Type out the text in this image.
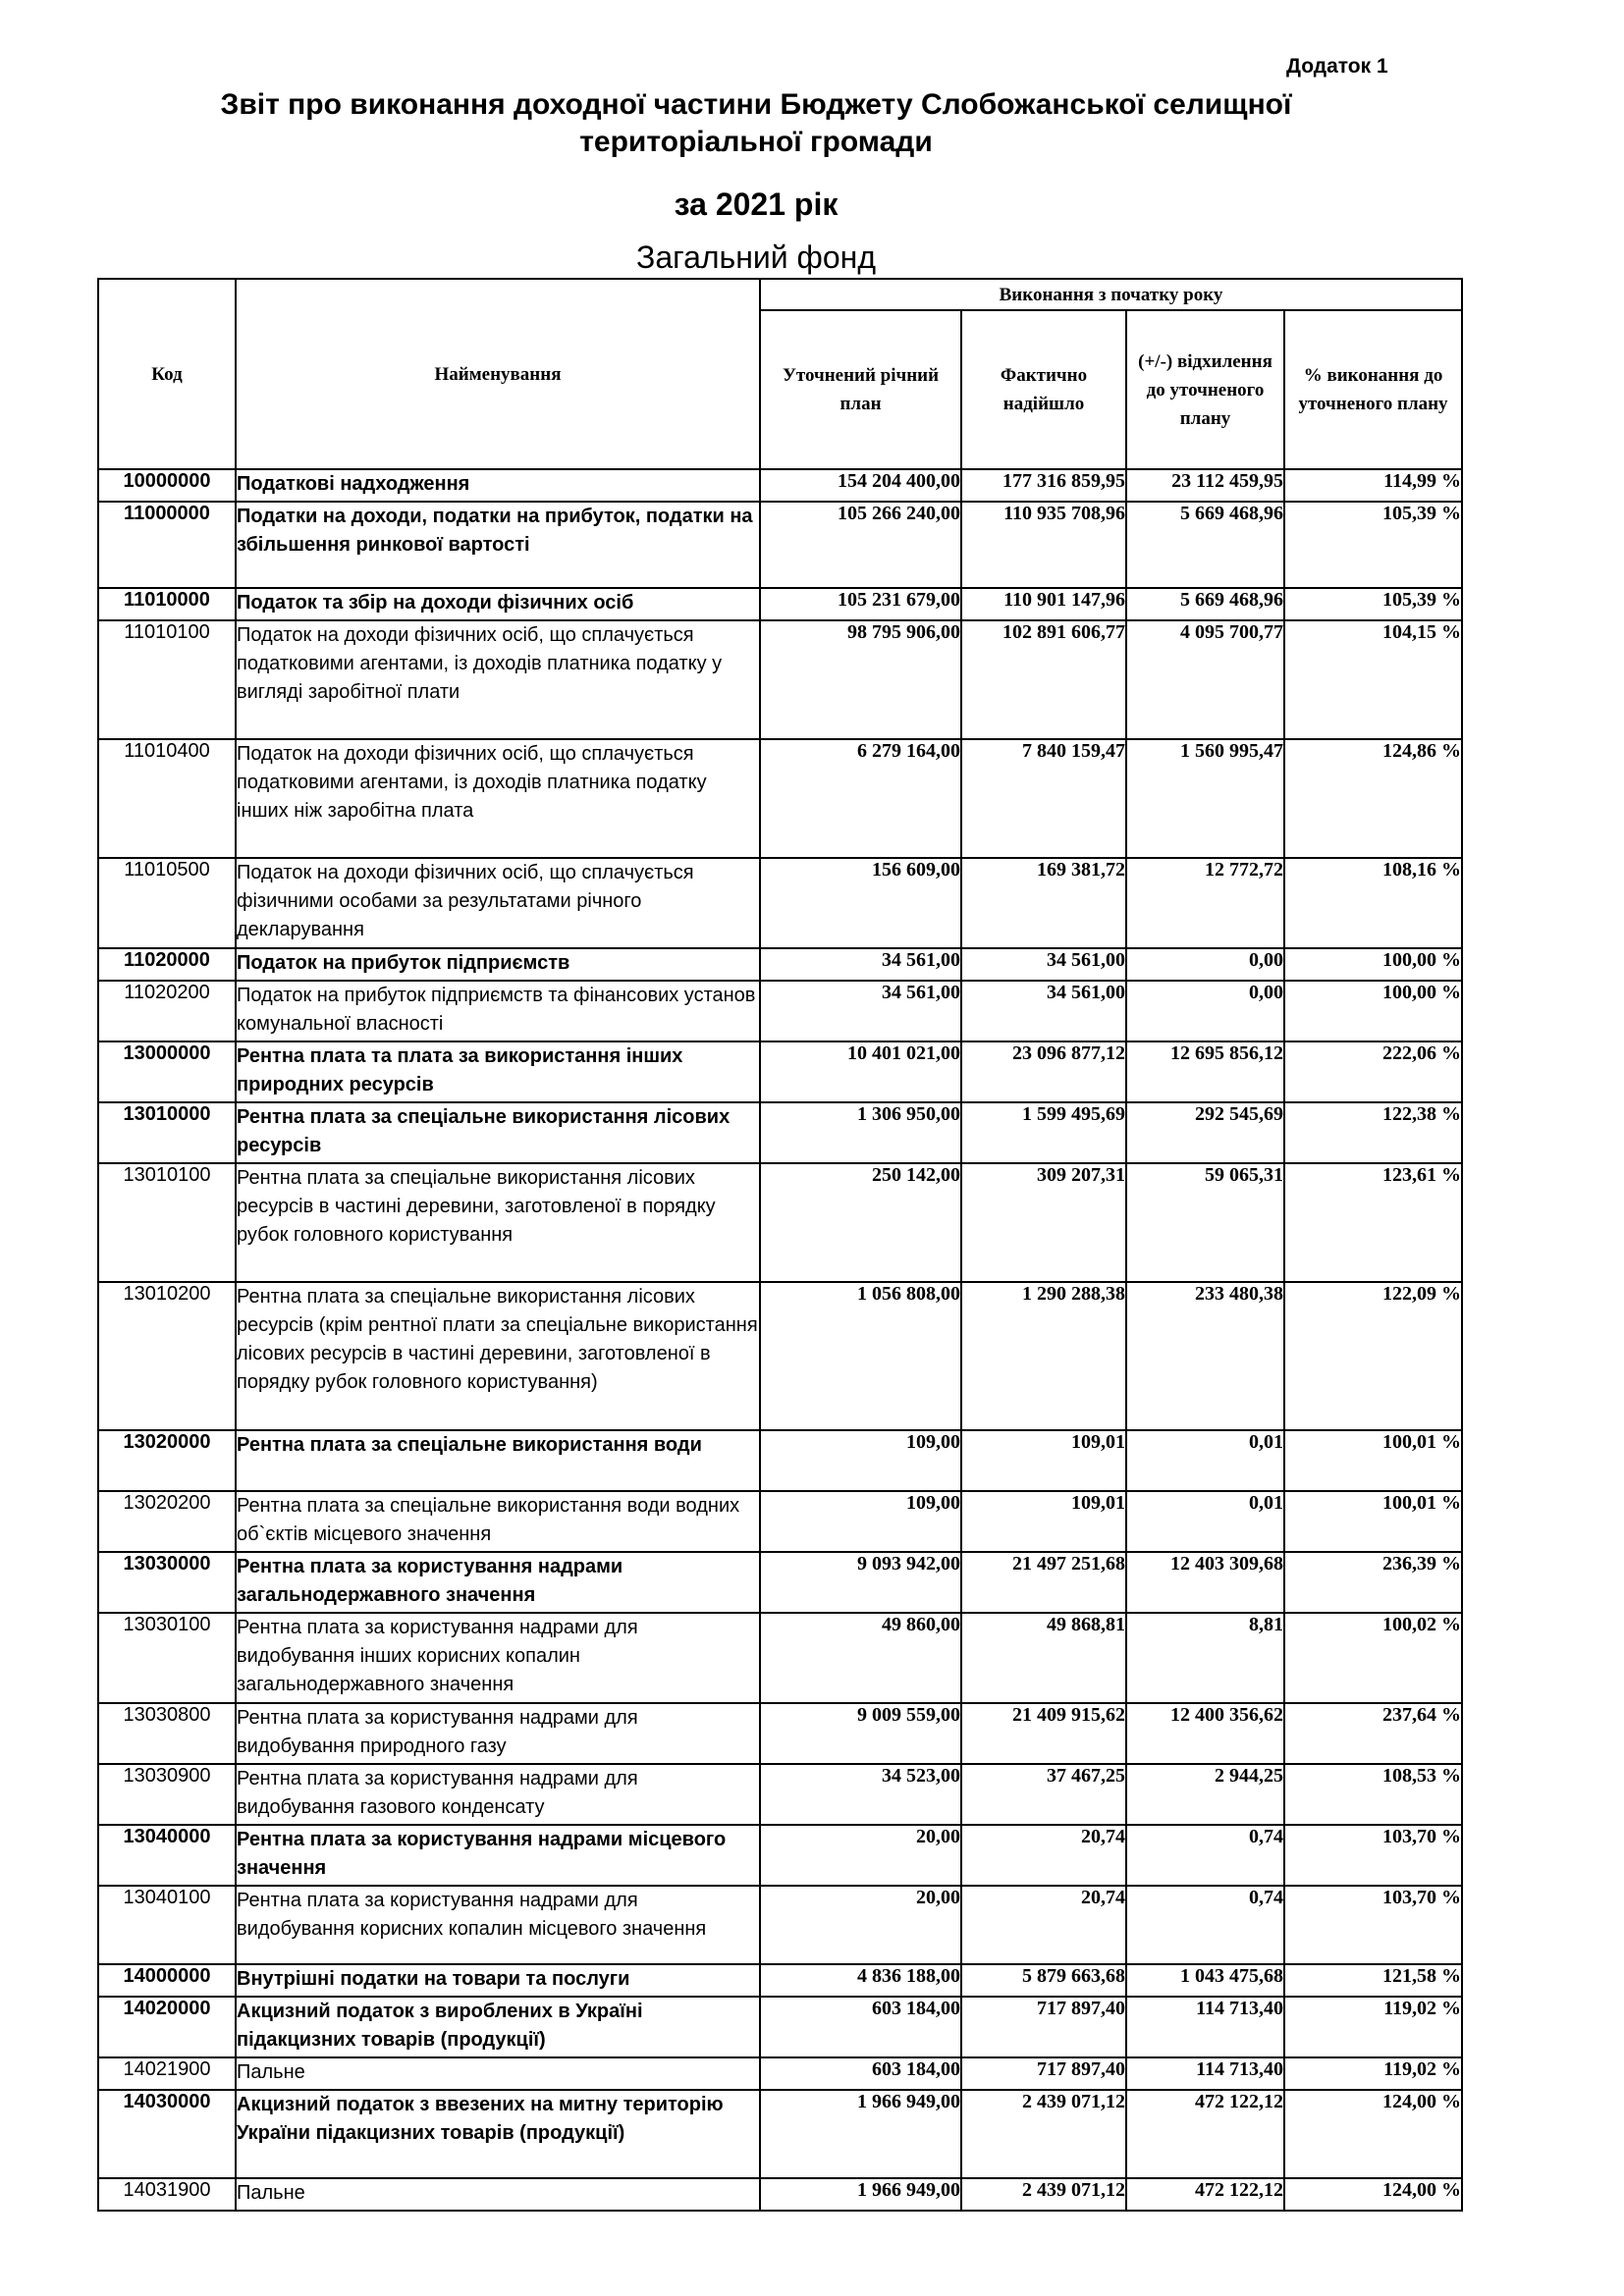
Додаток 1
Звіт про виконання доходної частини Бюджету Слобожанської селищної
територіальної громади
за 2021 рік
Загальний фонд
Код	Найменування	Виконання з початку року			
		Уточнений річний план	Фактично надійшло	(+/-) відхилення до уточненого плану	% виконання до уточненого плану
10000000	Податкові надходження	154 204 400,00	177 316 859,95	23 112 459,95	114,99 %
11000000	Податки на доходи, податки на прибуток, податки на збільшення ринкової вартості	105 266 240,00	110 935 708,96	5 669 468,96	105,39 %
11010000	Податок та збір на доходи фізичних осіб	105 231 679,00	110 901 147,96	5 669 468,96	105,39 %
11010100	Податок на доходи фізичних осіб, що сплачується податковими агентами, із доходів платника податку у вигляді заробітної плати	98 795 906,00	102 891 606,77	4 095 700,77	104,15 %
11010400	Податок на доходи фізичних осіб, що сплачується податковими агентами, із доходів платника податку інших ніж заробітна плата	6 279 164,00	7 840 159,47	1 560 995,47	124,86 %
11010500	Податок на доходи фізичних осіб, що сплачується фізичними особами за результатами річного декларування	156 609,00	169 381,72	12 772,72	108,16 %
11020000	Податок на прибуток підприємств	34 561,00	34 561,00	0,00	100,00 %
11020200	Податок на прибуток підприємств та фінансових установ комунальної власності	34 561,00	34 561,00	0,00	100,00 %
13000000	Рентна плата та плата за використання інших природних ресурсів	10 401 021,00	23 096 877,12	12 695 856,12	222,06 %
13010000	Рентна плата за спеціальне використання лісових ресурсів	1 306 950,00	1 599 495,69	292 545,69	122,38 %
13010100	Рентна плата за спеціальне використання лісових ресурсів в частині деревини, заготовленої в порядку рубок головного користування	250 142,00	309 207,31	59 065,31	123,61 %
13010200	Рентна плата за спеціальне використання лісових ресурсів (крім рентної плати за спеціальне використання лісових ресурсів в частині деревини, заготовленої в порядку рубок головного користування)	1 056 808,00	1 290 288,38	233 480,38	122,09 %
13020000	Рентна плата за спеціальне використання води	109,00	109,01	0,01	100,01 %
13020200	Рентна плата за спеціальне використання води водних об`єктів місцевого значення	109,00	109,01	0,01	100,01 %
13030000	Рентна плата за користування надрами загальнодержавного значення	9 093 942,00	21 497 251,68	12 403 309,68	236,39 %
13030100	Рентна плата за користування надрами для видобування інших корисних копалин загальнодержавного значення	49 860,00	49 868,81	8,81	100,02 %
13030800	Рентна плата за користування надрами для видобування природного газу	9 009 559,00	21 409 915,62	12 400 356,62	237,64 %
13030900	Рентна плата за користування надрами для видобування газового конденсату	34 523,00	37 467,25	2 944,25	108,53 %
13040000	Рентна плата за користування надрами місцевого значення	20,00	20,74	0,74	103,70 %
13040100	Рентна плата за користування надрами для видобування корисних копалин місцевого значення	20,00	20,74	0,74	103,70 %
14000000	Внутрішні податки на товари та послуги	4 836 188,00	5 879 663,68	1 043 475,68	121,58 %
14020000	Акцизний податок з вироблених в Україні підакцизних товарів (продукції)	603 184,00	717 897,40	114 713,40	119,02 %
14021900	Пальне	603 184,00	717 897,40	114 713,40	119,02 %
14030000	Акцизний податок з ввезених на митну територію України підакцизних товарів (продукції)	1 966 949,00	2 439 071,12	472 122,12	124,00 %
14031900	Пальне	1 966 949,00	2 439 071,12	472 122,12	124,00 %
